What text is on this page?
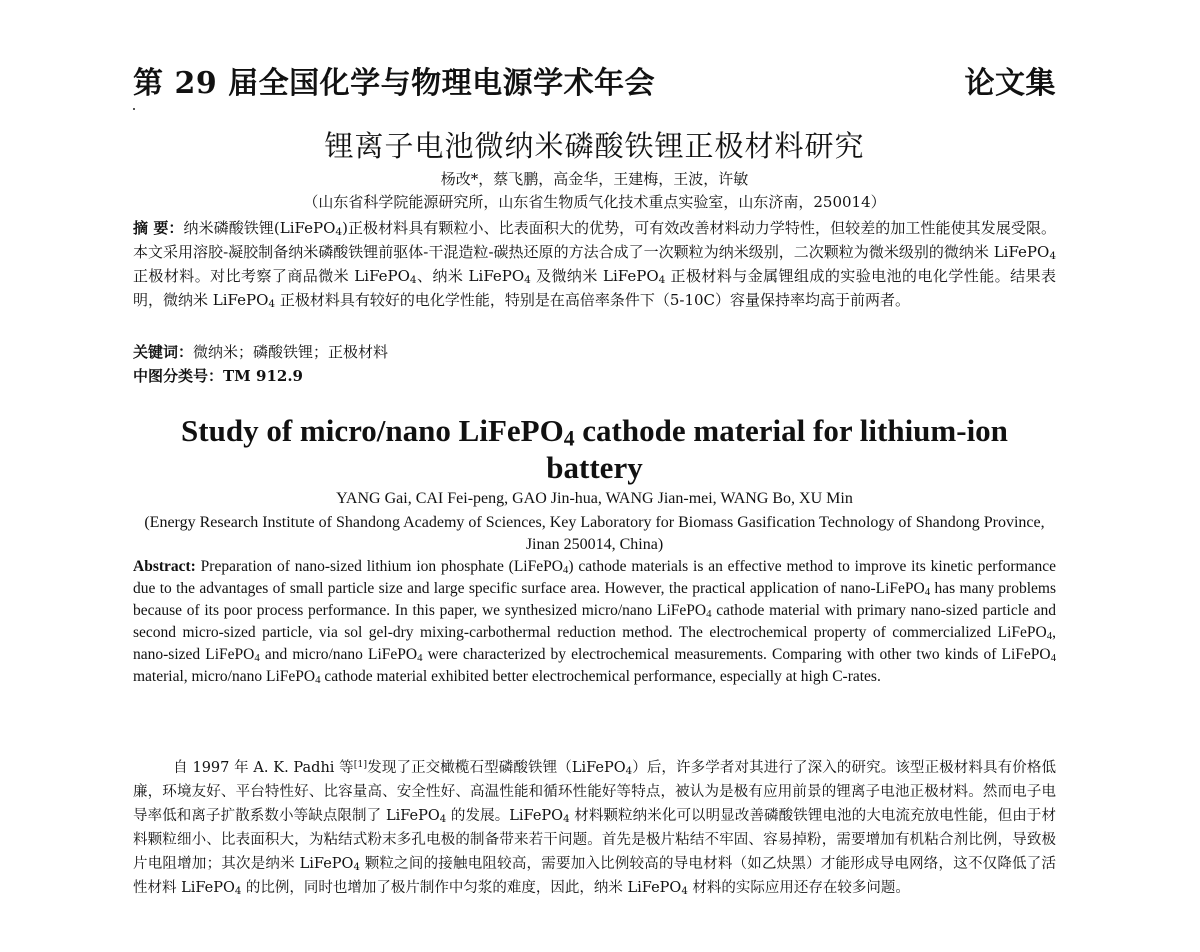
第 29 届全国化学与物理电源学术年会	论文集
锂离子电池微纳米磷酸铁锂正极材料研究
杨改*，蔡飞鹏，高金华，王建梅，王波，许敏
（山东省科学院能源研究所，山东省生物质气化技术重点实验室，山东济南，250014）
摘 要：纳米磷酸铁锂(LiFePO$_4$)正极材料具有颗粒小、比表面积大的优势，可有效改善材料动力学特性，但较差的加工性能使其发展受限。本文采用溶胶-凝胶制备纳米磷酸铁锂前驱体-干混造粒-碳热还原的方法合成了一次颗粒为纳米级别，二次颗粒为微米级别的微纳米 LiFePO$_4$ 正极材料。对比考察了商品微米 LiFePO$_4$、纳米 LiFePO$_4$ 及微纳米 LiFePO$_4$ 正极材料与金属锂组成的实验电池的电化学性能。结果表明，微纳米 LiFePO$_4$ 正极材料具有较好的电化学性能，特别是在高倍率条件下（5-10C）容量保持率均高于前两者。
关键词：微纳米；磷酸铁锂；正极材料
中图分类号：TM 912.9
Study of micro/nano LiFePO$_4$ cathode material for lithium-ion battery
YANG Gai, CAI Fei-peng, GAO Jin-hua, WANG Jian-mei, WANG Bo, XU Min
(Energy Research Institute of Shandong Academy of Sciences, Key Laboratory for Biomass Gasification Technology of Shandong Province, Jinan 250014, China)
Abstract: Preparation of nano-sized lithium ion phosphate (LiFePO$_4$) cathode materials is an effective method to improve its kinetic performance due to the advantages of small particle size and large specific surface area. However, the practical application of nano-LiFePO$_4$ has many problems because of its poor process performance. In this paper, we synthesized micro/nano LiFePO$_4$ cathode material with primary nano-sized particle and second micro-sized particle, via sol gel-dry mixing-carbothermal reduction method. The electrochemical property of commercialized LiFePO$_4$, nano-sized LiFePO$_4$ and micro/nano LiFePO$_4$ were characterized by electrochemical measurements. Comparing with other two kinds of LiFePO$_4$ material, micro/nano LiFePO$_4$ cathode material exhibited better electrochemical performance, especially at high C-rates.
自 1997 年 A. K. Padhi 等[1]发现了正交橄榄石型磷酸铁锂（LiFePO$_4$）后，许多学者对其进行了深入的研究。该型正极材料具有价格低廉，环境友好、平台特性好、比容量高、安全性好、高温性能和循环性能好等特点，被认为是极有应用前景的锂离子电池正极材料。然而电子电导率低和离子扩散系数小等缺点限制了 LiFePO$_4$ 的发展。LiFePO$_4$ 材料颗粒纳米化可以明显改善磷酸铁锂电池的大电流充放电性能，但由于材料颗粒细小、比表面积大，为粘结式粉末多孔电极的制备带来若干问题。首先是极片粘结不牢固、容易掉粉，需要增加有机粘合剂比例，导致极片电阻增加；其次是纳米 LiFePO$_4$ 颗粒之间的接触电阻较高，需要加入比例较高的导电材料（如乙炔黑）才能形成导电网络，这不仅降低了活性材料 LiFePO$_4$ 的比例，同时也增加了极片制作中匀浆的难度，因此，纳米 LiFePO$_4$ 材料的实际应用还存在较多问题。
